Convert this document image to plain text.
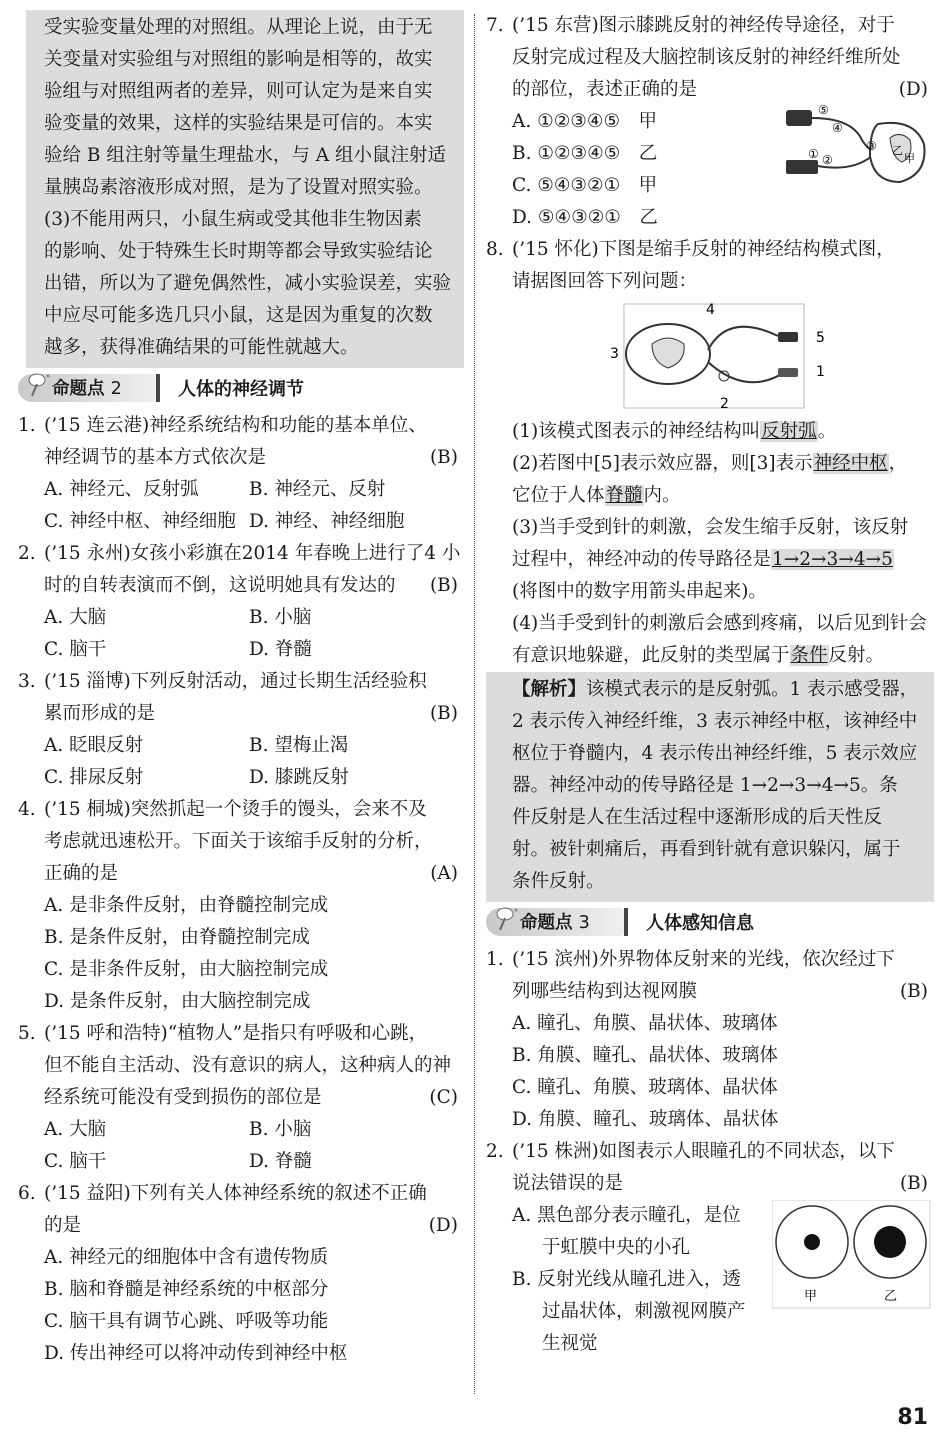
受实验变量处理的对照组。从理论上说，由于无
关变量对实验组与对照组的影响是相等的，故实
验组与对照组两者的差异，则可认定为是来自实
验变量的效果，这样的实验结果是可信的。本实
验给 B 组注射等量生理盐水，与 A 组小鼠注射适
量胰岛素溶液形成对照，是为了设置对照实验。
(3)不能用两只，小鼠生病或受其他非生物因素
的影响、处于特殊生长时期等都会导致实验结论
出错，所以为了避免偶然性，减小实验误差，实验
中应尽可能多选几只小鼠，这是因为重复的次数
越多，获得准确结果的可能性就越大。
命题点 2	人体的神经调节
1. (’15 连云港)神经系统结构和功能的基本单位、
神经调节的基本方式依次是	(B)
A. 神经元、反射弧	B. 神经元、反射
C. 神经中枢、神经细胞 D. 神经、神经细胞
2. (’15 永州)女孩小彩旗在2014 年春晚上进行了4 小
时的自转表演而不倒，这说明她具有发达的 (B)
A. 大脑	B. 小脑
C. 脑干	D. 脊髓
3. (’15 淄博)下列反射活动，通过长期生活经验积
累而形成的是	(B)
A. 眨眼反射	B. 望梅止渴
C. 排尿反射	D. 膝跳反射
4. (’15 桐城)突然抓起一个烫手的馒头，会来不及
考虑就迅速松开。下面关于该缩手反射的分析，
正确的是	(A)
A. 是非条件反射，由脊髓控制完成
B. 是条件反射，由脊髓控制完成
C. 是非条件反射，由大脑控制完成
D. 是条件反射，由大脑控制完成
5. (’15 呼和浩特)“植物人”是指只有呼吸和心跳，
但不能自主活动、没有意识的病人，这种病人的神
经系统可能没有受到损伤的部位是	(C)
A. 大脑	B. 小脑
C. 脑干	D. 脊髓
6. (’15 益阳)下列有关人体神经系统的叙述不正确
的是	(D)
A. 神经元的细胞体中含有遗传物质
B. 脑和脊髓是神经系统的中枢部分
C. 脑干具有调节心跳、呼吸等功能
D. 传出神经可以将冲动传到神经中枢
7. (’15 东营)图示膝跳反射的神经传导途径，对于
反射完成过程及大脑控制该反射的神经纤维所处
的部位，表述正确的是	(D)
A. ①②③④⑤　甲
B. ①②③④⑤　乙
C. ⑤④③②①　甲
D. ⑤④③②①　乙
⑤
④
③
① ②	甲
乙
8. (’15 怀化)下图是缩手反射的神经结构模式图，
请据图回答下列问题：
4
5
3
1
2
(1)该模式图表示的神经结构叫反射弧。
(2)若图中[5]表示效应器，则[3]表示神经中枢，
它位于人体脊髓内。
(3)当手受到针的刺激，会发生缩手反射，该反射
过程中，神经冲动的传导路径是1→2→3→4→5
(将图中的数字用箭头串起来)。
(4)当手受到针的刺激后会感到疼痛，以后见到针会
有意识地躲避，此反射的类型属于条件反射。
【解析】该模式表示的是反射弧。1 表示感受器，
2 表示传入神经纤维，3 表示神经中枢，该神经中
枢位于脊髓内，4 表示传出神经纤维，5 表示效应
器。神经冲动的传导路径是 1→2→3→4→5。条
件反射是人在生活过程中逐渐形成的后天性反
射。被针刺痛后，再看到针就有意识躲闪，属于
条件反射。
命题点 3	人体感知信息
1. (’15 滨州)外界物体反射来的光线，依次经过下
列哪些结构到达视网膜	(B)
A. 瞳孔、角膜、晶状体、玻璃体
B. 角膜、瞳孔、晶状体、玻璃体
C. 瞳孔、角膜、玻璃体、晶状体
D. 角膜、瞳孔、玻璃体、晶状体
2. (’15 株洲)如图表示人眼瞳孔的不同状态，以下
说法错误的是	(B)
A. 黑色部分表示瞳孔，是位
于虹膜中央的小孔
B. 反射光线从瞳孔进入，透
过晶状体，刺激视网膜产
生视觉
甲	乙
81
